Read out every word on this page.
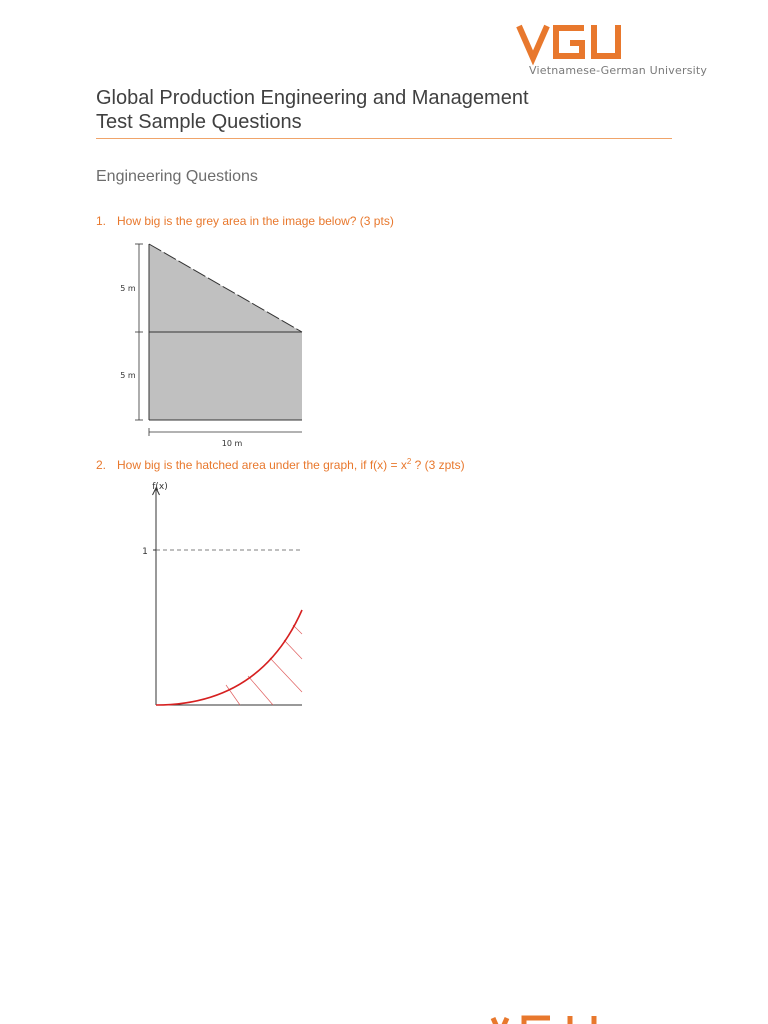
Vietnamese-German University
Global Production Engineering and Management
Test Sample Questions
Engineering Questions
1. How big is the grey area in the image below? (3 pts)
5 m
5 m
10 m
2. How big is the hatched area under the graph, if $f(x) = x^2$ ? (3 zpts)
f(x)
1
